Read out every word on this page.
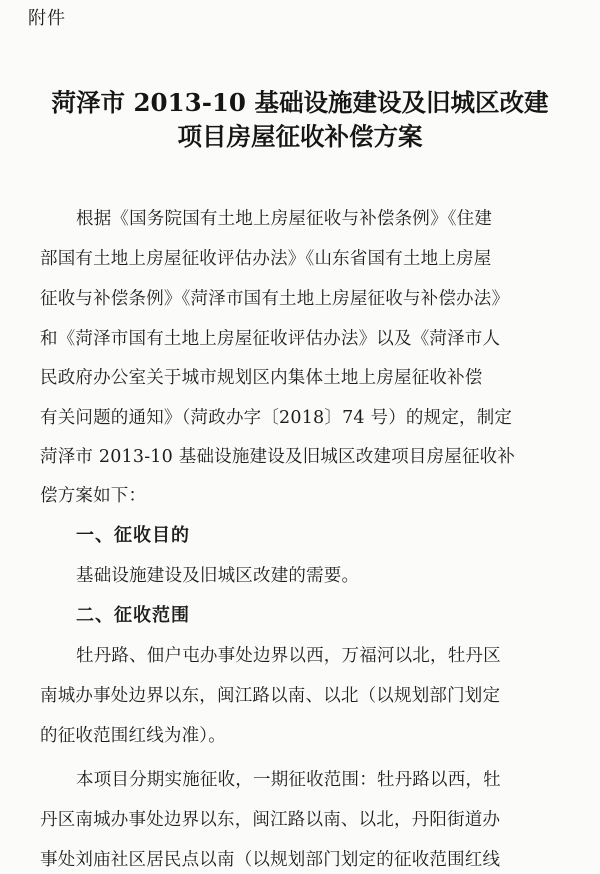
附件
菏泽市 2013-10 基础设施建设及旧城区改建
项目房屋征收补偿方案
根据《国务院国有土地上房屋征收与补偿条例》《住建
部国有土地上房屋征收评估办法》《山东省国有土地上房屋
征收与补偿条例》《菏泽市国有土地上房屋征收与补偿办法》
和《菏泽市国有土地上房屋征收评估办法》以及《菏泽市人
民政府办公室关于城市规划区内集体土地上房屋征收补偿
有关问题的通知》（菏政办字〔2018〕74 号）的规定，制定
菏泽市 2013-10 基础设施建设及旧城区改建项目房屋征收补
偿方案如下：
一、征收目的
基础设施建设及旧城区改建的需要。
二、征收范围
牡丹路、佃户屯办事处边界以西，万福河以北，牡丹区
南城办事处边界以东，闽江路以南、以北（以规划部门划定
的征收范围红线为准）。
本项目分期实施征收，一期征收范围：牡丹路以西，牡
丹区南城办事处边界以东，闽江路以南、以北，丹阳街道办
事处刘庙社区居民点以南（以规划部门划定的征收范围红线
